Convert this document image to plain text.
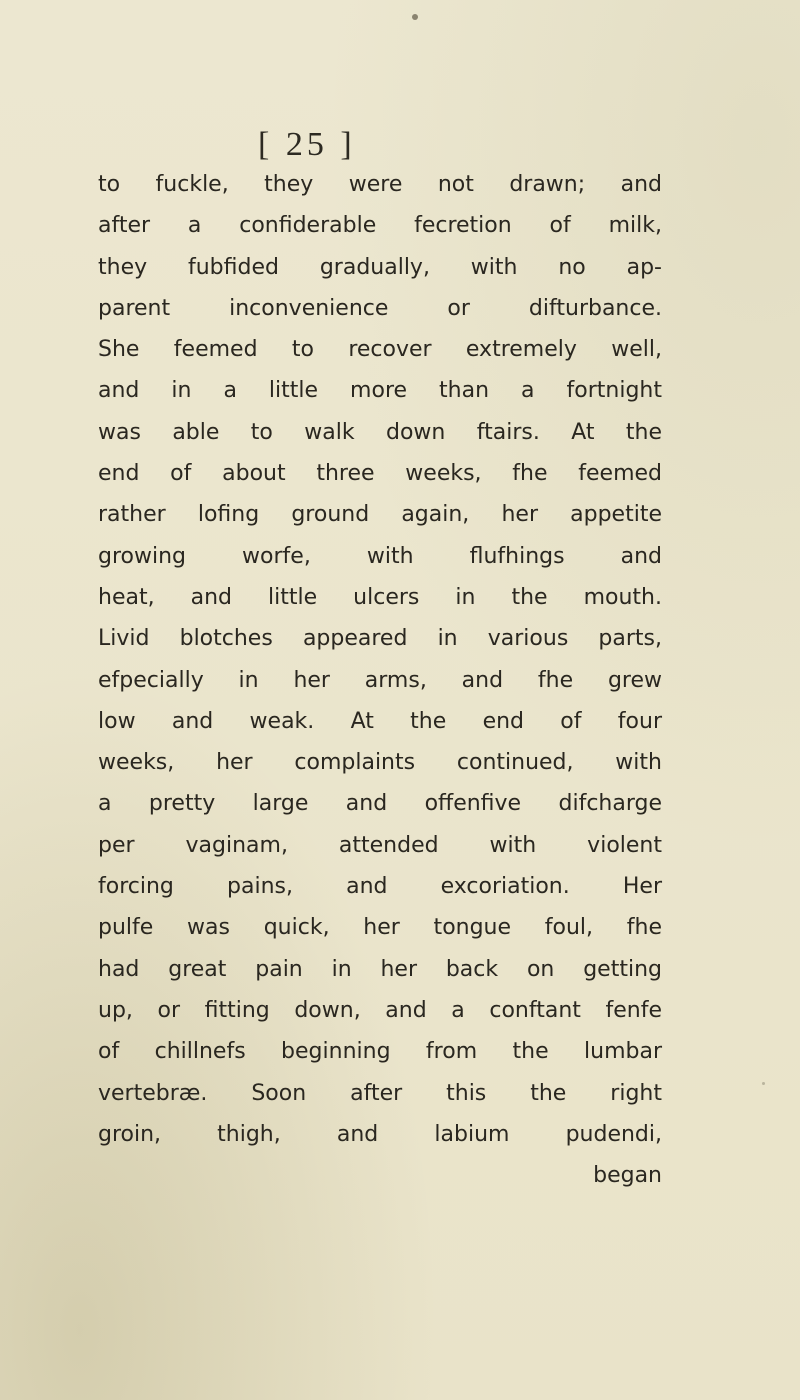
[ 25 ]

to fuckle, they were not drawn; and
after a confiderable fecretion of milk,
they fubfided gradually, with no ap-
parent inconvenience or difturbance.
She feemed to recover extremely well,
and in a little more than a fortnight
was able to walk down ftairs. At the
end of about three weeks, fhe feemed
rather lofing ground again, her appetite
growing worfe, with flufhings and
heat, and little ulcers in the mouth.
Livid blotches appeared in various parts,
efpecially in her arms, and fhe grew
low and weak. At the end of four
weeks, her complaints continued, with
a pretty large and offenfive difcharge
per vaginam, attended with violent
forcing pains, and excoriation. Her
pulfe was quick, her tongue foul, fhe
had great pain in her back on getting
up, or fitting down, and a conftant fenfe
of chillnefs beginning from the lumbar
vertebræ. Soon after this the right
groin, thigh, and labium pudendi,
began
